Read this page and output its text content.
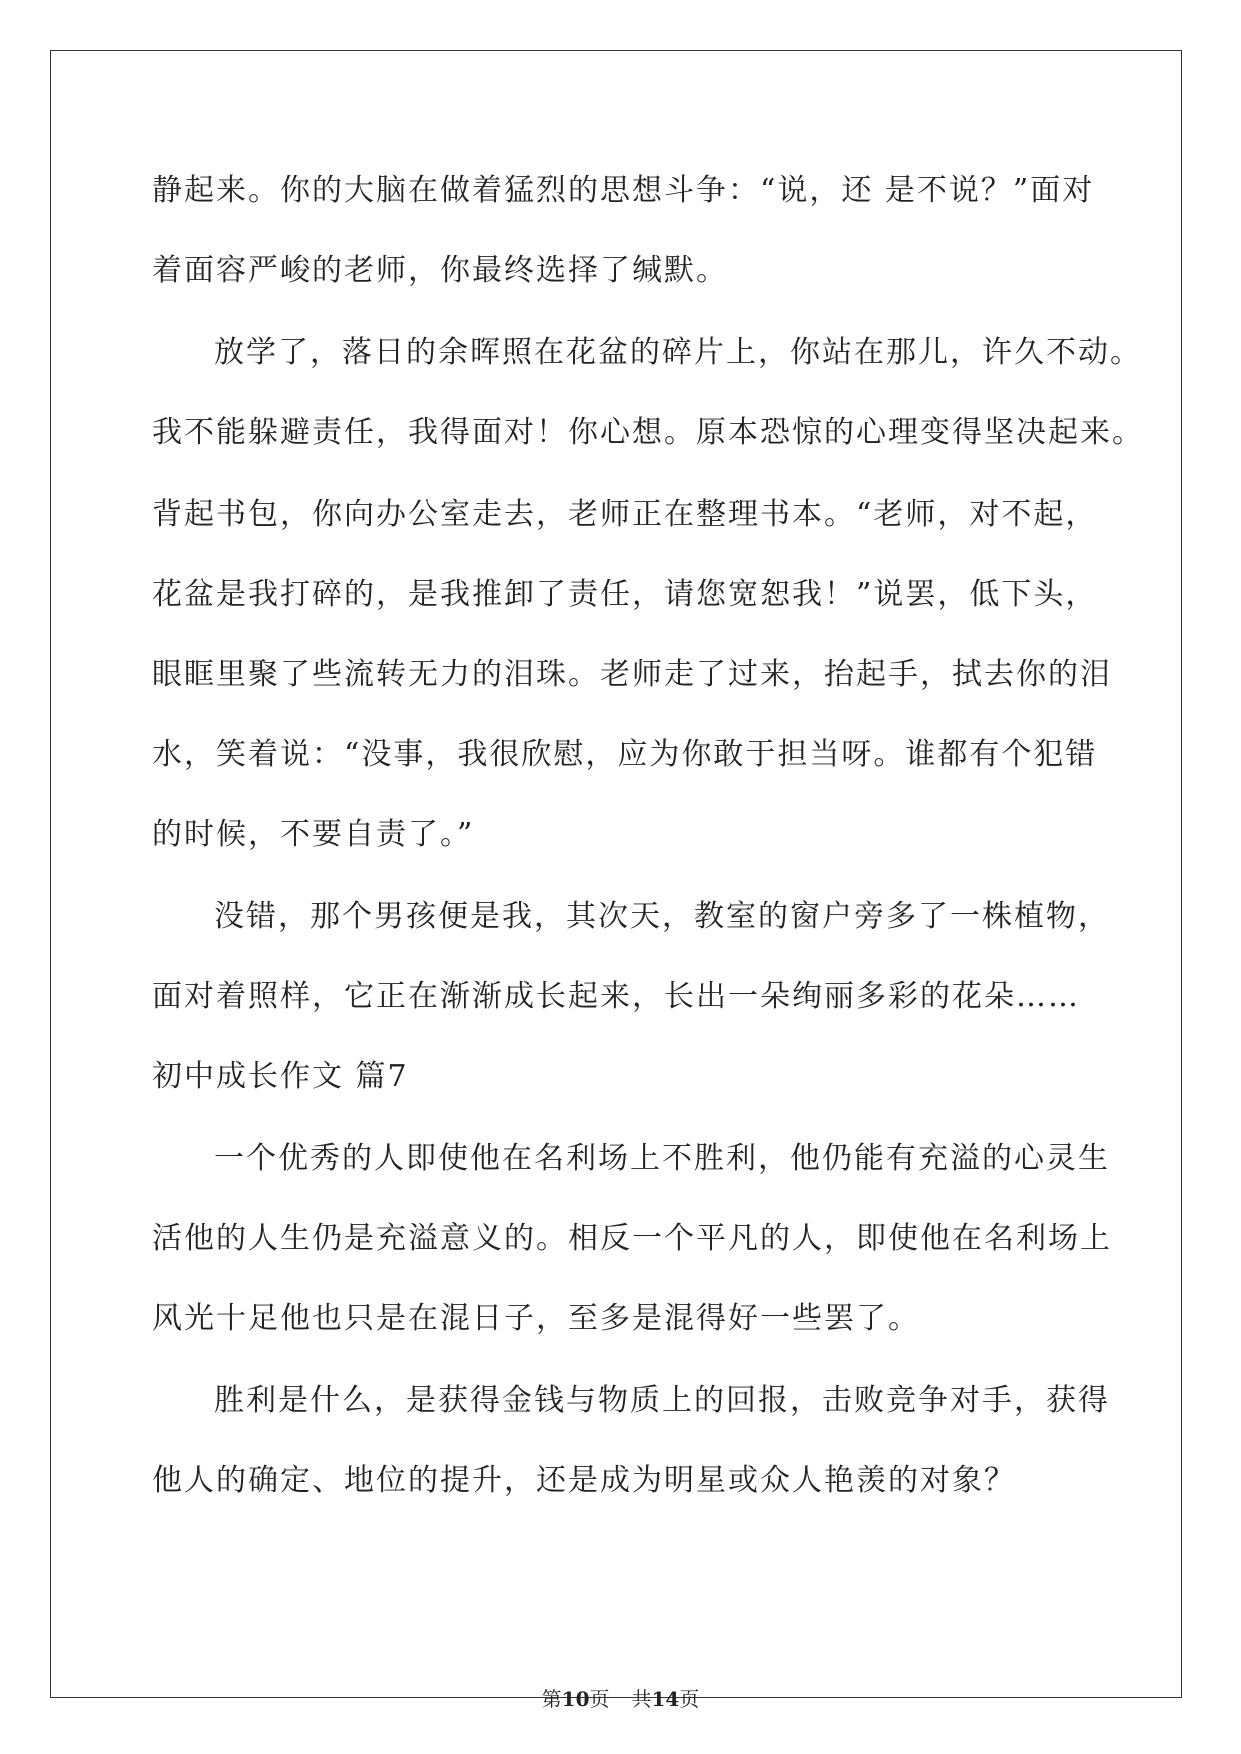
静起来。你的大脑在做着猛烈的思想斗争：“说，还 是不说？”面对

着面容严峻的老师，你最终选择了缄默。

放学了，落日的余晖照在花盆的碎片上，你站在那儿，许久不动。

我不能躲避责任，我得面对！你心想。原本恐惊的心理变得坚决起来。

背起书包，你向办公室走去，老师正在整理书本。“老师，对不起，

花盆是我打碎的，是我推卸了责任，请您宽恕我！”说罢，低下头，

眼眶里聚了些流转无力的泪珠。老师走了过来，抬起手，拭去你的泪

水，笑着说：“没事，我很欣慰，应为你敢于担当呀。谁都有个犯错

的时候，不要自责了。”

没错，那个男孩便是我，其次天，教室的窗户旁多了一株植物，

面对着照样，它正在渐渐成长起来，长出一朵绚丽多彩的花朵……

初中成长作文 篇7

一个优秀的人即使他在名利场上不胜利，他仍能有充溢的心灵生

活他的人生仍是充溢意义的。相反一个平凡的人，即使他在名利场上

风光十足他也只是在混日子，至多是混得好一些罢了。

胜利是什么，是获得金钱与物质上的回报，击败竞争对手，获得

他人的确定、地位的提升，还是成为明星或众人艳羡的对象？

第10页 共14页
